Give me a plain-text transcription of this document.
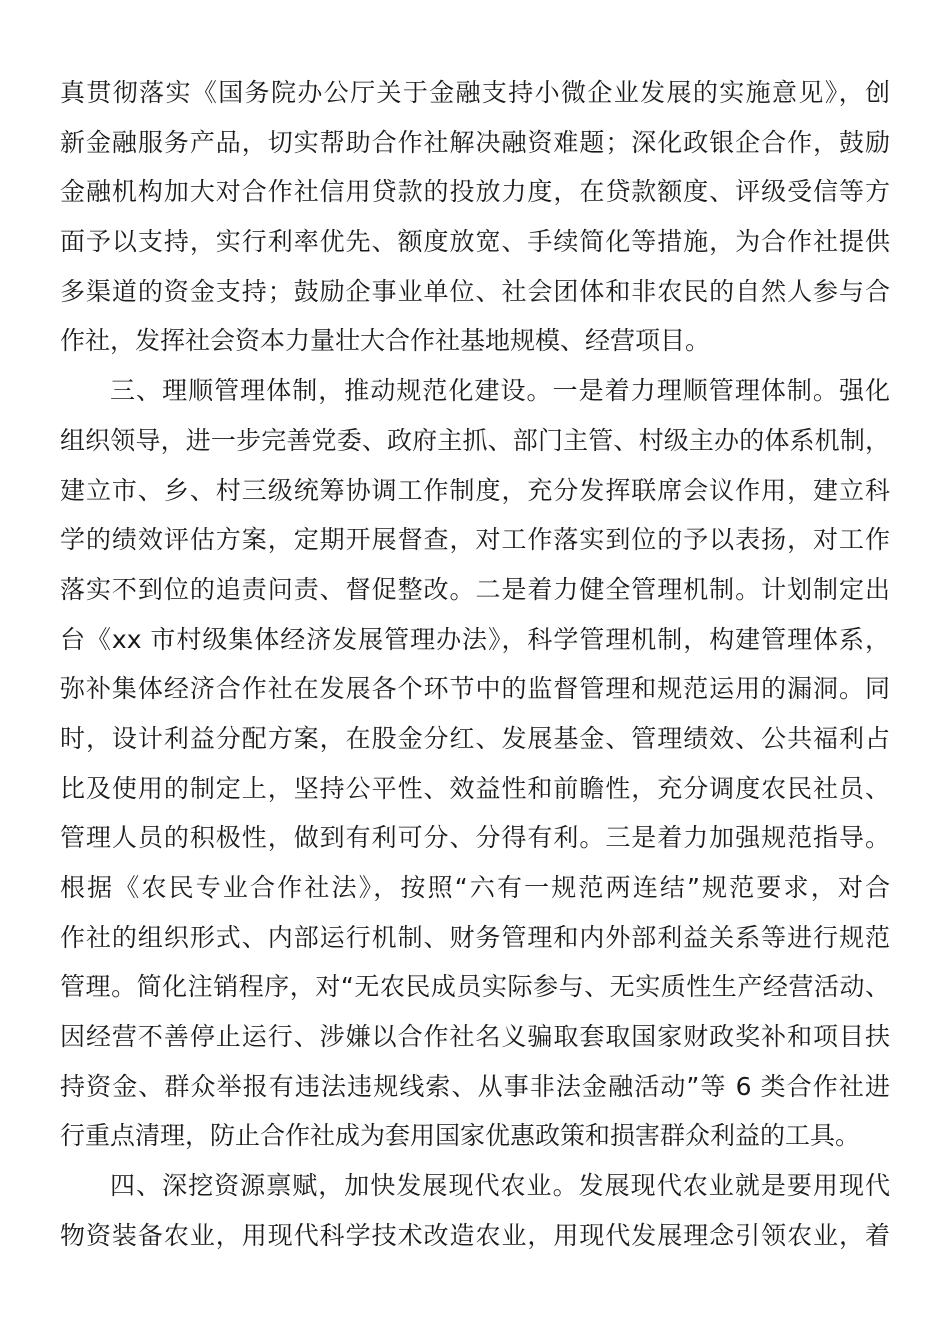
真贯彻落实《国务院办公厅关于金融支持小微企业发展的实施意见》，创
新金融服务产品，切实帮助合作社解决融资难题；深化政银企合作，鼓励
金融机构加大对合作社信用贷款的投放力度，在贷款额度、评级受信等方
面予以支持，实行利率优先、额度放宽、手续简化等措施，为合作社提供
多渠道的资金支持；鼓励企事业单位、社会团体和非农民的自然人参与合
作社，发挥社会资本力量壮大合作社基地规模、经营项目。
三、理顺管理体制，推动规范化建设。一是着力理顺管理体制。强化
组织领导，进一步完善党委、政府主抓、部门主管、村级主办的体系机制，
建立市、乡、村三级统筹协调工作制度，充分发挥联席会议作用，建立科
学的绩效评估方案，定期开展督查，对工作落实到位的予以表扬，对工作
落实不到位的追责问责、督促整改。二是着力健全管理机制。计划制定出
台《xx 市村级集体经济发展管理办法》，科学管理机制，构建管理体系，
弥补集体经济合作社在发展各个环节中的监督管理和规范运用的漏洞。同
时，设计利益分配方案，在股金分红、发展基金、管理绩效、公共福利占
比及使用的制定上，坚持公平性、效益性和前瞻性，充分调度农民社员、
管理人员的积极性，做到有利可分、分得有利。三是着力加强规范指导。
根据《农民专业合作社法》，按照“六有一规范两连结”规范要求，对合
作社的组织形式、内部运行机制、财务管理和内外部利益关系等进行规范
管理。简化注销程序，对“无农民成员实际参与、无实质性生产经营活动、
因经营不善停止运行、涉嫌以合作社名义骗取套取国家财政奖补和项目扶
持资金、群众举报有违法违规线索、从事非法金融活动”等 6 类合作社进
行重点清理，防止合作社成为套用国家优惠政策和损害群众利益的工具。
四、深挖资源禀赋，加快发展现代农业。发展现代农业就是要用现代
物资装备农业，用现代科学技术改造农业，用现代发展理念引领农业，着
